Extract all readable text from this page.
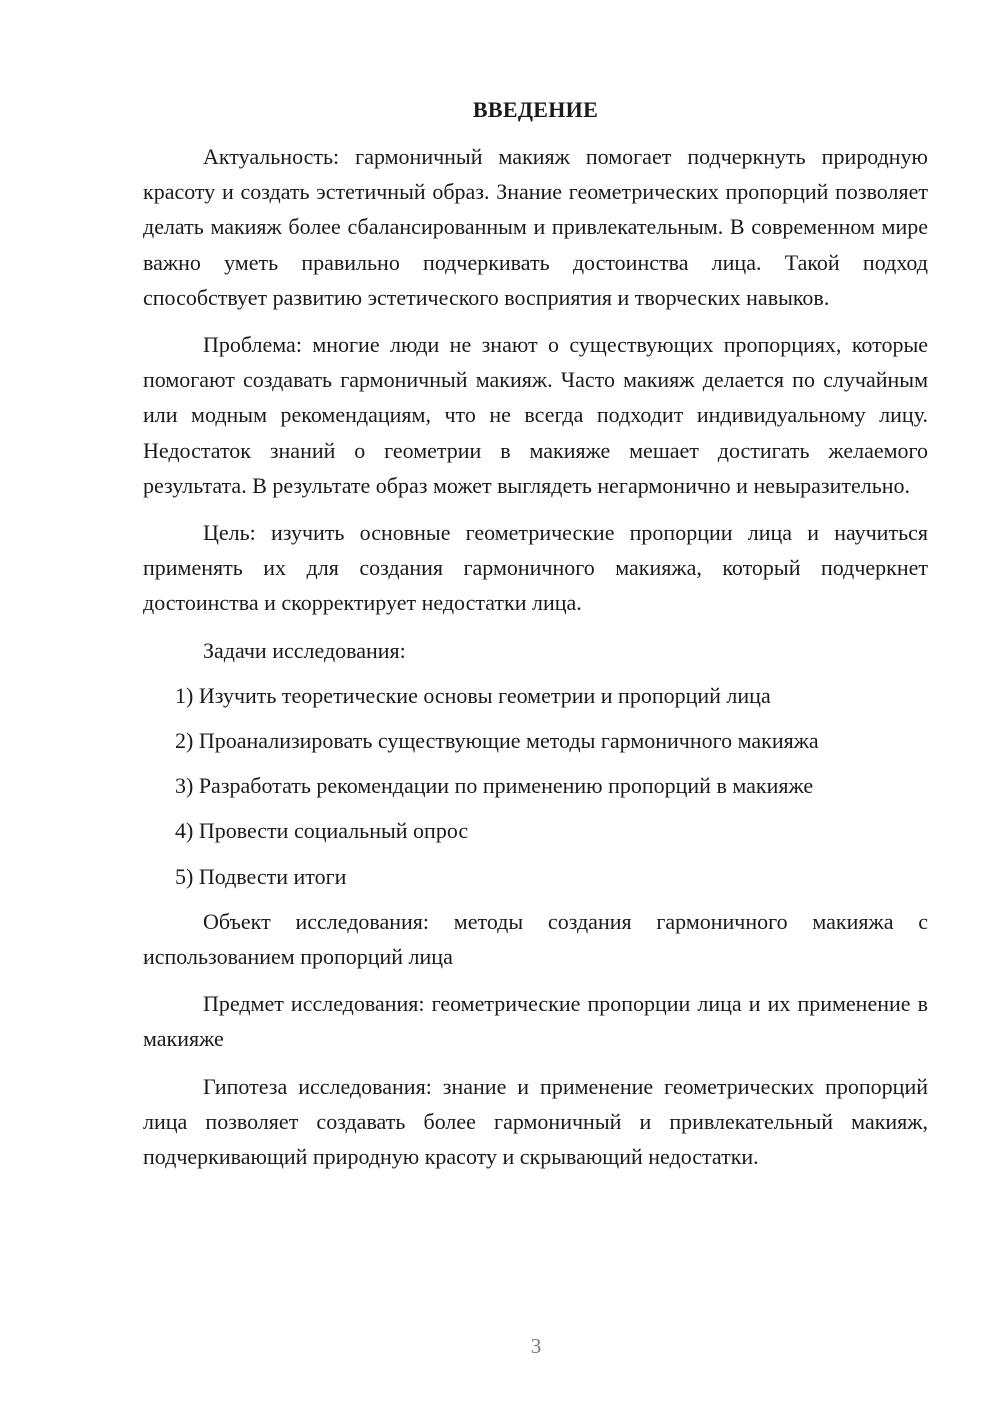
ВВЕДЕНИЕ

Актуальность: гармоничный макияж помогает подчеркнуть природную красоту и создать эстетичный образ. Знание геометрических пропорций позволяет делать макияж более сбалансированным и привлекательным. В современном мире важно уметь правильно подчеркивать достоинства лица. Такой подход способствует развитию эстетического восприятия и творческих навыков.

Проблема: многие люди не знают о существующих пропорциях, которые помогают создавать гармоничный макияж. Часто макияж делается по случайным или модным рекомендациям, что не всегда подходит индивидуальному лицу. Недостаток знаний о геометрии в макияже мешает достигать желаемого результата. В результате образ может выглядеть негармонично и невыразительно.

Цель: изучить основные геометрические пропорции лица и научиться применять их для создания гармоничного макияжа, который подчеркнет достоинства и скорректирует недостатки лица.

Задачи исследования:

1) Изучить теоретические основы геометрии и пропорций лица
2) Проанализировать существующие методы гармоничного макияжа
3) Разработать рекомендации по применению пропорций в макияже
4) Провести социальный опрос
5) Подвести итоги

Объект исследования: методы создания гармоничного макияжа с использованием пропорций лица

Предмет исследования: геометрические пропорции лица и их применение в макияже

Гипотеза исследования: знание и применение геометрических пропорций лица позволяет создавать более гармоничный и привлекательный макияж, подчеркивающий природную красоту и скрывающий недостатки.

3
